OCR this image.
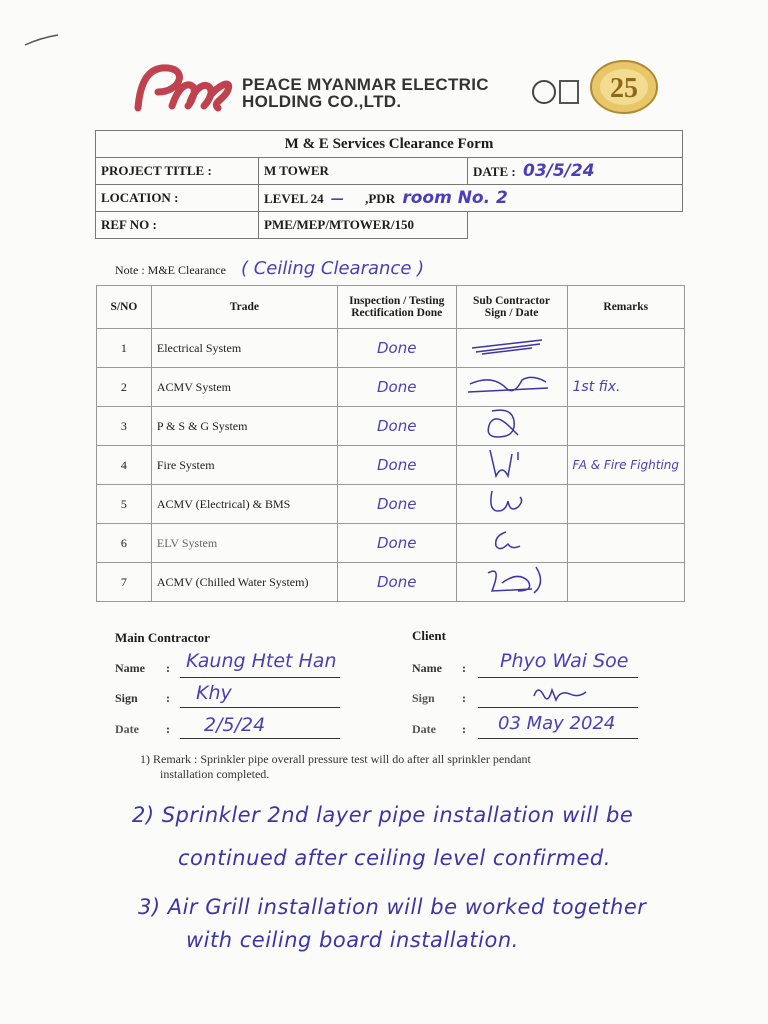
PEACE MYANMAR ELECTRIC
HOLDING CO.,LTD.	25
M & E Services Clearance Form		
PROJECT TITLE :	M TOWER	DATE : 03/5/24
LOCATION :	LEVEL 24 — ,PDR room No. 2	
REF NO :	PME/MEP/MTOWER/150	
Note : M&E Clearance ( Ceiling Clearance )
S/NO	Trade	Inspection / Testing Rectification Done	Sub Contractor Sign / Date	Remarks
1	Electrical System	Done		
2	ACMV System	Done		1st fix.
3	P & S & G System	Done		
4	Fire System	Done		FA & Fire Fighting
5	ACMV (Electrical) & BMS	Done		
6	ELV System	Done		
7	ACMV (Chilled Water System)	Done		
Main Contractor	Client
Name : Kaung Htet Han
Sign : Khy
Date : 2/5/24
Name : Phyo Wai Soe
Sign :
Date : 03 May 2024
1) Remark : Sprinkler pipe overall pressure test will do after all sprinkler pendant
installation completed.
2) Sprinkler 2nd layer pipe installation will be
continued after ceiling level confirmed.
3) Air Grill installation will be worked together
with ceiling board installation.
